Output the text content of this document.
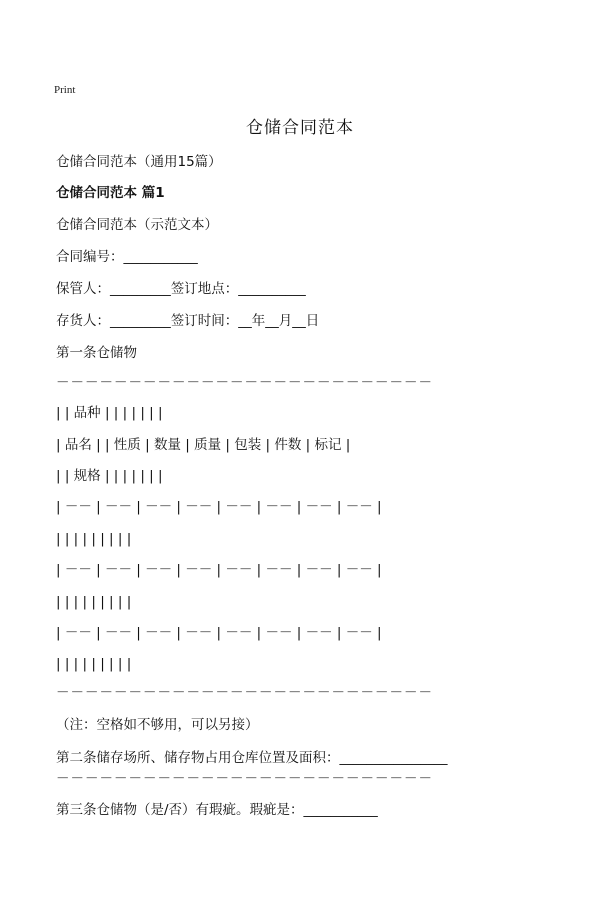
Print
仓储合同范本
仓储合同范本（通用15篇）
仓储合同范本 篇1
仓储合同范本（示范文本）
合同编号：___________
保管人：_________签订地点：__________
存货人：_________签订时间：__年__月__日
第一条仓储物
－－－－－－－－－－－－－－－－－－－－－－－－－－
| | 品种 | | | | | | |
| 品名 | | 性质 | 数量 | 质量 | 包装 | 件数 | 标记 |
| | 规格 | | | | | | |
| －－ | －－ | －－ | －－ | －－ | －－ | －－ | －－ |
| | | | | | | | |
| －－ | －－ | －－ | －－ | －－ | －－ | －－ | －－ |
| | | | | | | | |
| －－ | －－ | －－ | －－ | －－ | －－ | －－ | －－ |
| | | | | | | | |
－－－－－－－－－－－－－－－－－－－－－－－－－－
（注：空格如不够用，可以另接）
第二条储存场所、储存物占用仓库位置及面积：________________
－－－－－－－－－－－－－－－－－－－－－－－－－－
第三条仓储物（是/否）有瑕疵。瑕疵是：___________
